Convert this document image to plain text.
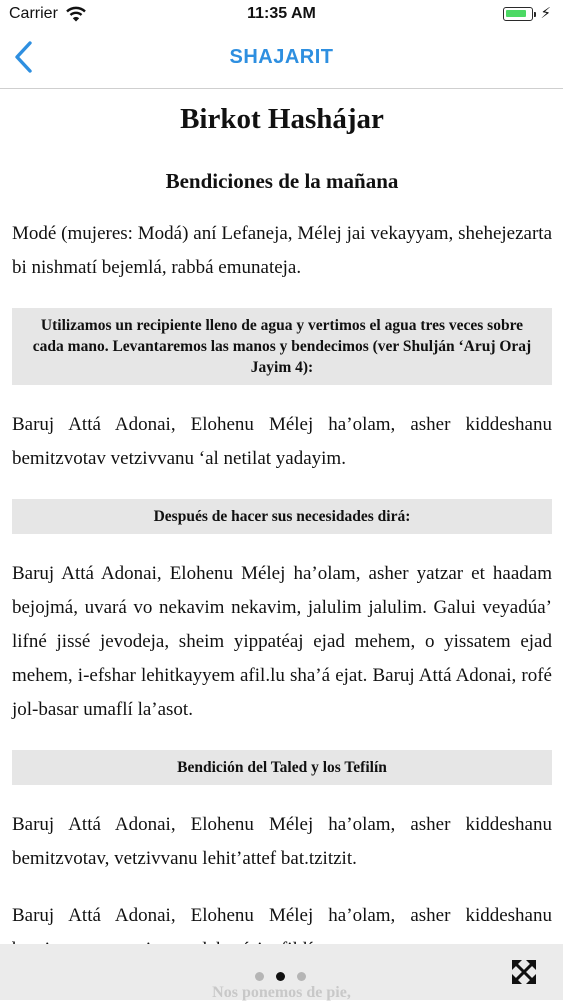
Carrier	11:35 AM	⚡︎
SHAJARIT
Birkot Hashájar
Bendiciones de la mañana
Modé (mujeres: Modá) aní Lefaneja, Mélej jai vekayyam, shehejezarta bi nishmatí bejemlá, rabbá emunateja.
Utilizamos un recipiente lleno de agua y vertimos el agua tres veces sobre cada mano. Levantaremos las manos y bendecimos (ver Shulján ‘Aruj Oraj Jayim 4):
Baruj Attá Adonai, Elohenu Mélej ha’olam, asher kiddeshanu bemitzvotav vetzivvanu ‘al netilat yadayim.
Después de hacer sus necesidades dirá:
Baruj Attá Adonai, Elohenu Mélej ha’olam, asher yatzar et haadam bejojmá, uvará vo nekavim nekavim, jalulim jalulim. Galui veyadúa’ lifné jissé jevodeja, sheim yippatéaj ejad mehem, o yissatem ejad mehem, i-efshar lehitkayyem afil.lu sha’á ejat. Baruj Attá Adonai, rofé jol-basar umaflí la’asot.
Bendición del Taled y los Tefilín
Baruj Attá Adonai, Elohenu Mélej ha’olam, asher kiddeshanu bemitzvotav, vetzivvanu lehit’attef bat.tzitzit.
Baruj Attá Adonai, Elohenu Mélej ha’olam, asher kiddeshanu
Nos ponemos de pie,
